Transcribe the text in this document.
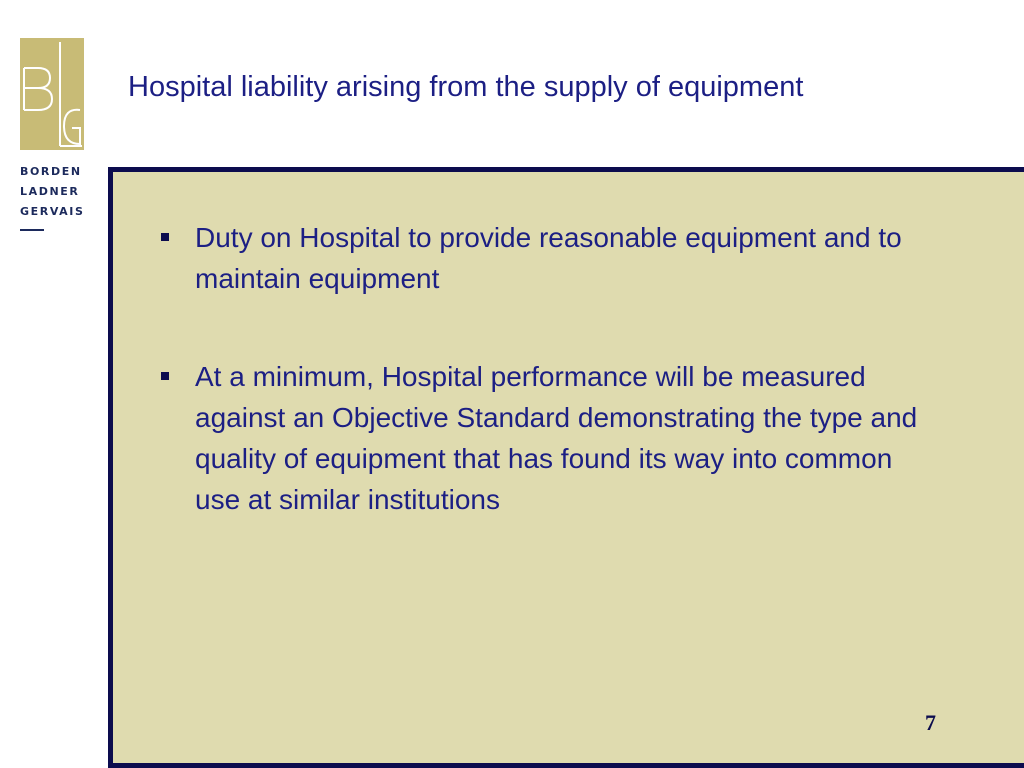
BORDEN
LADNER
GERVAIS
Hospital liability arising from the supply of equipment
Duty on Hospital to provide reasonable equipment and to maintain equipment
At a minimum, Hospital performance will be measured against an Objective Standard demonstrating the type and quality of equipment that has found its way into common use at similar institutions
7
